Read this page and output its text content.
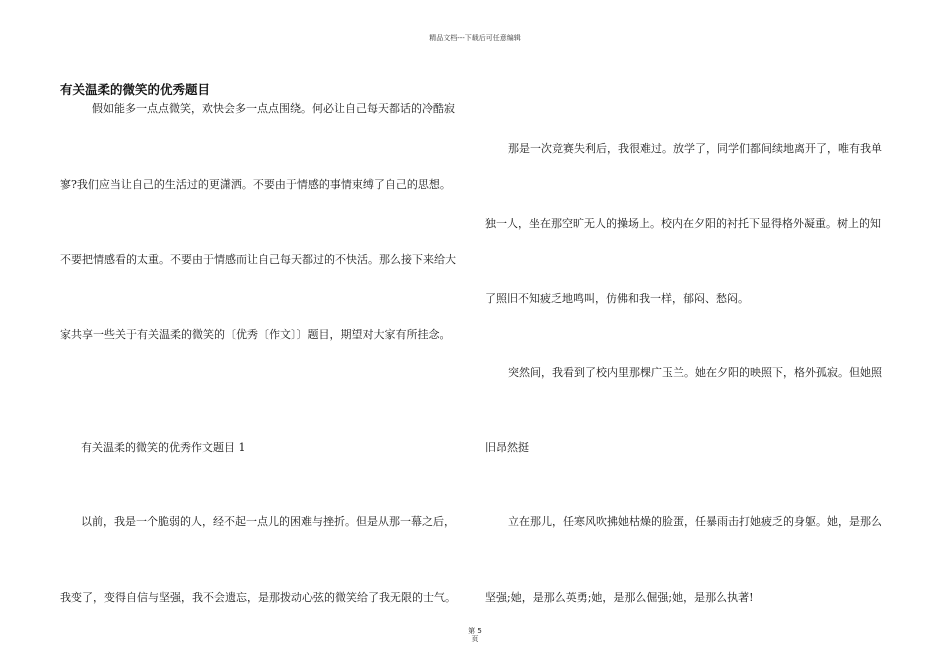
精品文档---下载后可任意编辑
有关温柔的微笑的优秀题目
假如能多一点点微笑，欢快会多一点点围绕。何必让自己每天都话的冷酷寂
寥?我们应当让自己的生活过的更潇洒。不要由于情感的事情束缚了自己的思想。
不要把情感看的太重。不要由于情感而让自己每天都过的不快活。那么接下来给大
家共享一些关于有关温柔的微笑的〔优秀〔作文〕〕题目，期望对大家有所挂念。
有关温柔的微笑的优秀作文题目 1
以前，我是一个脆弱的人，经不起一点儿的困难与挫折。但是从那一幕之后，
我变了，变得自信与坚强，我不会遗忘，是那拨动心弦的微笑给了我无限的士气。
那是一次竞赛失利后，我很难过。放学了，同学们都间续地离开了，唯有我单
独一人，坐在那空旷无人的操场上。校内在夕阳的衬托下显得格外凝重。树上的知
了照旧不知疲乏地鸣叫，仿佛和我一样，郁闷、愁闷。
突然间，我看到了校内里那棵广玉兰。她在夕阳的映照下，格外孤寂。但她照
旧昂然挺
立在那儿，任寒风吹拂她枯燥的脸蛋，任暴雨击打她疲乏的身躯。她，是那么
坚强;她，是那么英勇;她，是那么倔强;她，是那么执著!
第 5
页
